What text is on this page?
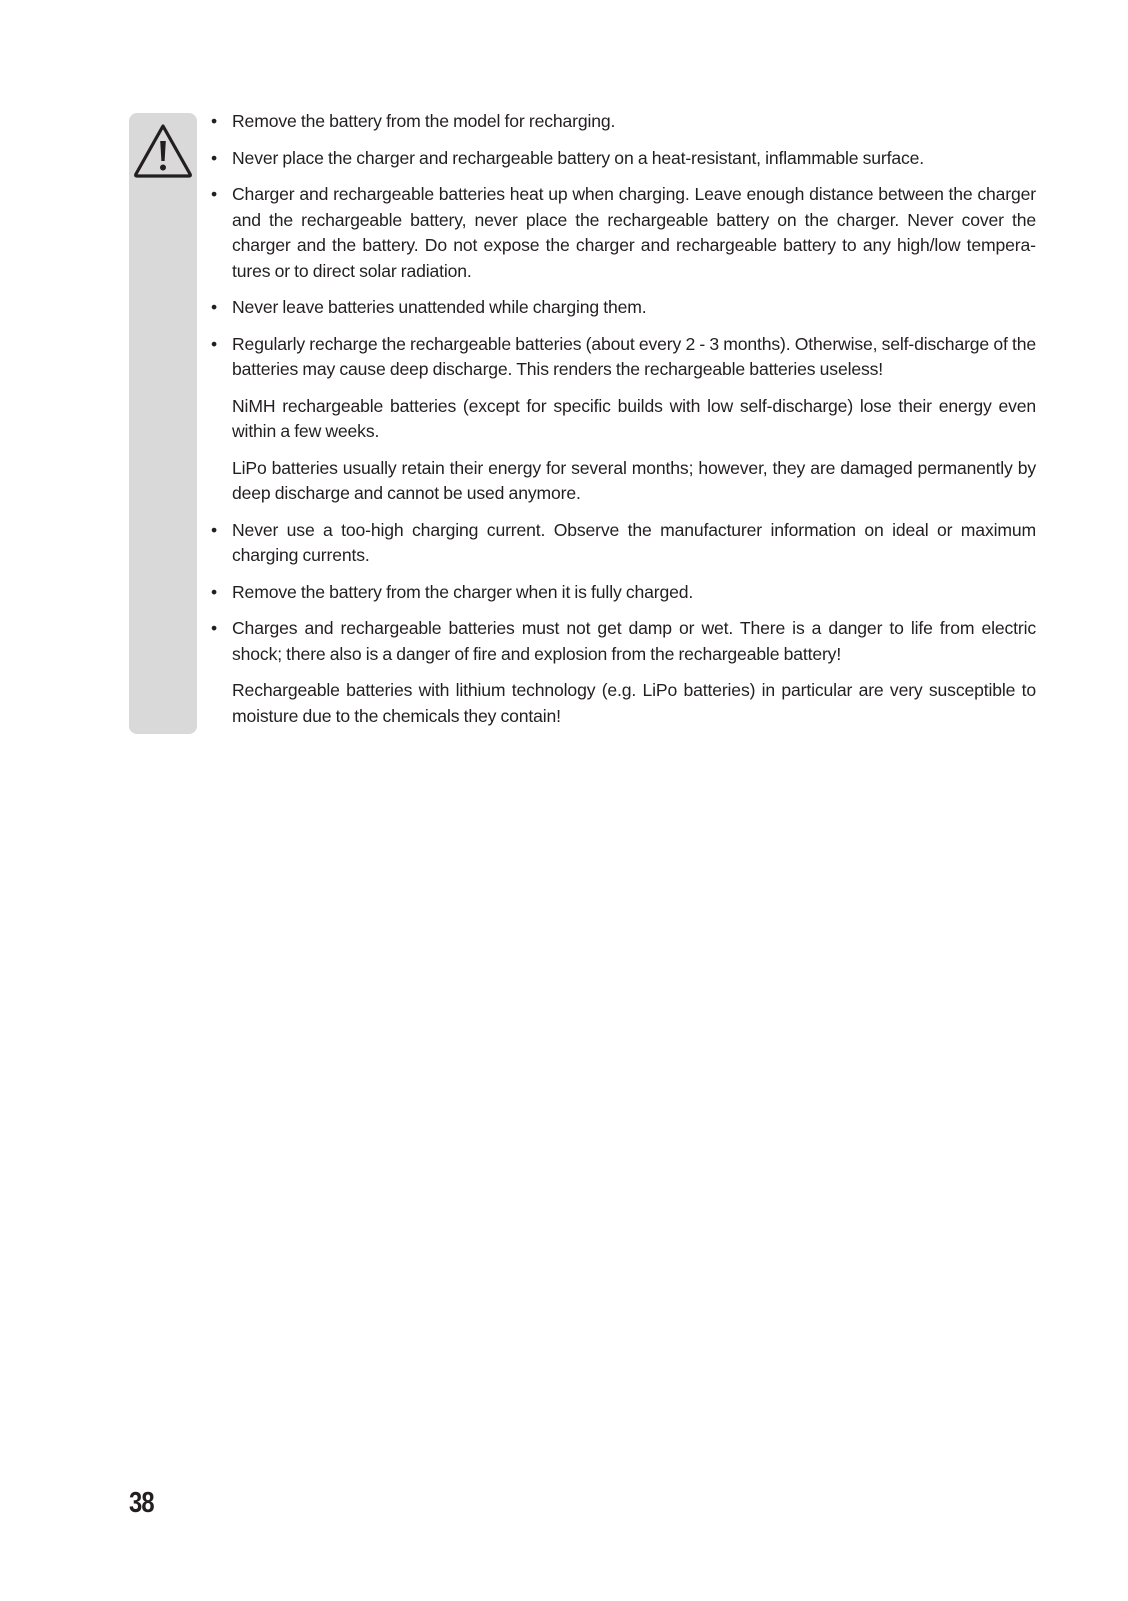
• Remove the battery from the model for recharging.
• Never place the charger and rechargeable battery on a heat-resistant, inflammable surface.
• Charger and rechargeable batteries heat up when charging. Leave enough distance between the charger and the rechargeable battery, never place the rechargeable battery on the charger. Never cover the charger and the battery. Do not expose the charger and rechargeable battery to any high/low temperatures or to direct solar radiation.
• Never leave batteries unattended while charging them.
• Regularly recharge the rechargeable batteries (about every 2 - 3 months). Otherwise, self-discharge of the batteries may cause deep discharge. This renders the rechargeable batteries useless!
NiMH rechargeable batteries (except for specific builds with low self-discharge) lose their energy even within a few weeks.
LiPo batteries usually retain their energy for several months; however, they are damaged permanently by deep discharge and cannot be used anymore.
• Never use a too-high charging current. Observe the manufacturer information on ideal or maximum charging currents.
• Remove the battery from the charger when it is fully charged.
• Charges and rechargeable batteries must not get damp or wet. There is a danger to life from electric shock; there also is a danger of fire and explosion from the rechargeable battery!
Rechargeable batteries with lithium technology (e.g. LiPo batteries) in particular are very susceptible to moisture due to the chemicals they contain!
38
